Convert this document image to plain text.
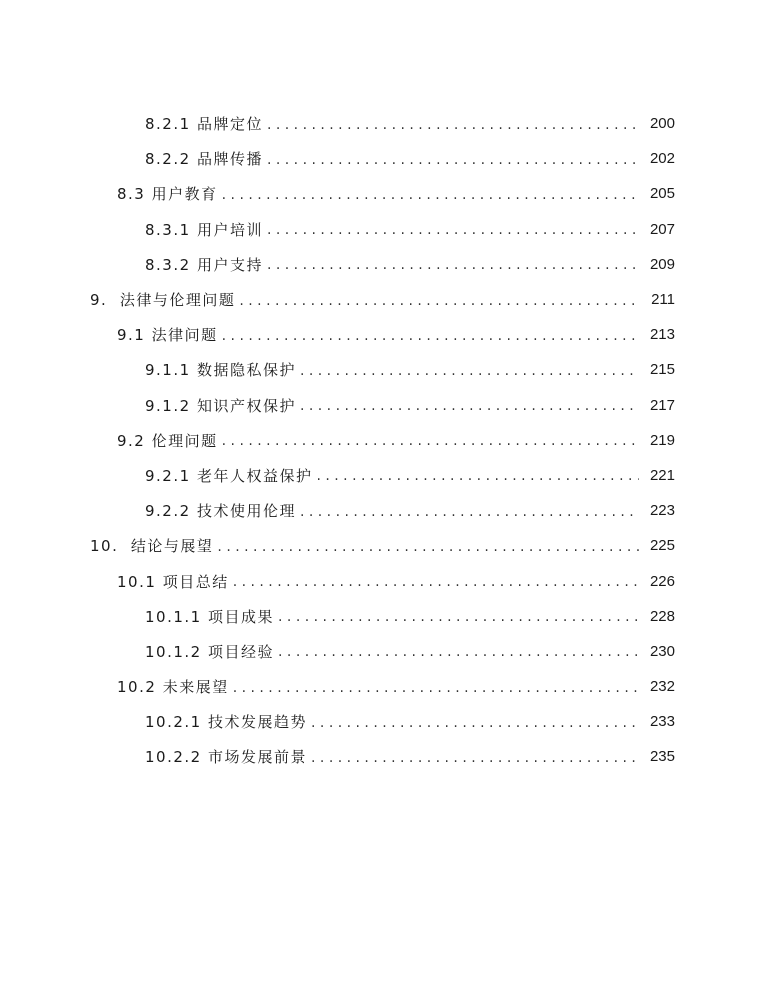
8.2.1 品牌定位 . . .	200
8.2.2 品牌传播 . . .	202
8.3 用户教育 . . .	205
8.3.1 用户培训 . . .	207
8.3.2 用户支持 . . .	209
9. 法律与伦理问题 . . .	211
9.1 法律问题 . . .	213
9.1.1 数据隐私保护 . . .	215
9.1.2 知识产权保护 . . .	217
9.2 伦理问题 . . .	219
9.2.1 老年人权益保护 . . .	221
9.2.2 技术使用伦理 . . .	223
10. 结论与展望 . . .	225
10.1 项目总结 . . .	226
10.1.1 项目成果 . . .	228
10.1.2 项目经验 . . .	230
10.2 未来展望 . . .	232
10.2.1 技术发展趋势 . . .	233
10.2.2 市场发展前景 . . .	235
